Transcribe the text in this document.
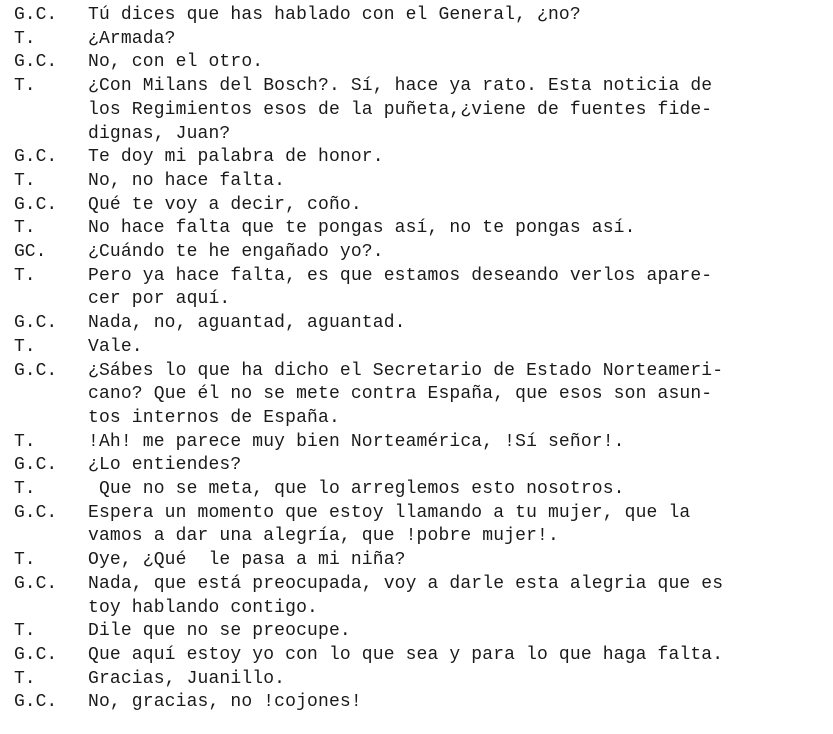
G.C.	Tú dices que has hablado con el General, ¿no?
T.	¿Armada?
G.C.	No, con el otro.
T.	¿Con Milans del Bosch?. Sí, hace ya rato. Esta noticia de
los Regimientos esos de la puñeta,¿viene de fuentes fide-
dignas, Juan?
G.C.	Te doy mi palabra de honor.
T.	No, no hace falta.
G.C.	Qué te voy a decir, coño.
T.	No hace falta que te pongas así, no te pongas así.
GC.	¿Cuándo te he engañado yo?.
T.	Pero ya hace falta, es que estamos deseando verlos apare-
cer por aquí.
G.C.	Nada, no, aguantad, aguantad.
T.	Vale.
G.C.	¿Sábes lo que ha dicho el Secretario de Estado Norteameri-
cano? Que él no se mete contra España, que esos son asun-
tos internos de España.
T.	!Ah! me parece muy bien Norteamérica, !Sí señor!.
G.C.	¿Lo entiendes?
T.	Que no se meta, que lo arreglemos esto nosotros.
G.C.	Espera un momento que estoy llamando a tu mujer, que la
vamos a dar una alegría, que !pobre mujer!.
T.	Oye, ¿Qué  le pasa a mi niña?
G.C.	Nada, que está preocupada, voy a darle esta alegria que es
toy hablando contigo.
T.	Dile que no se preocupe.
G.C.	Que aquí estoy yo con lo que sea y para lo que haga falta.
T.	Gracias, Juanillo.
G.C.	No, gracias, no !cojones!
